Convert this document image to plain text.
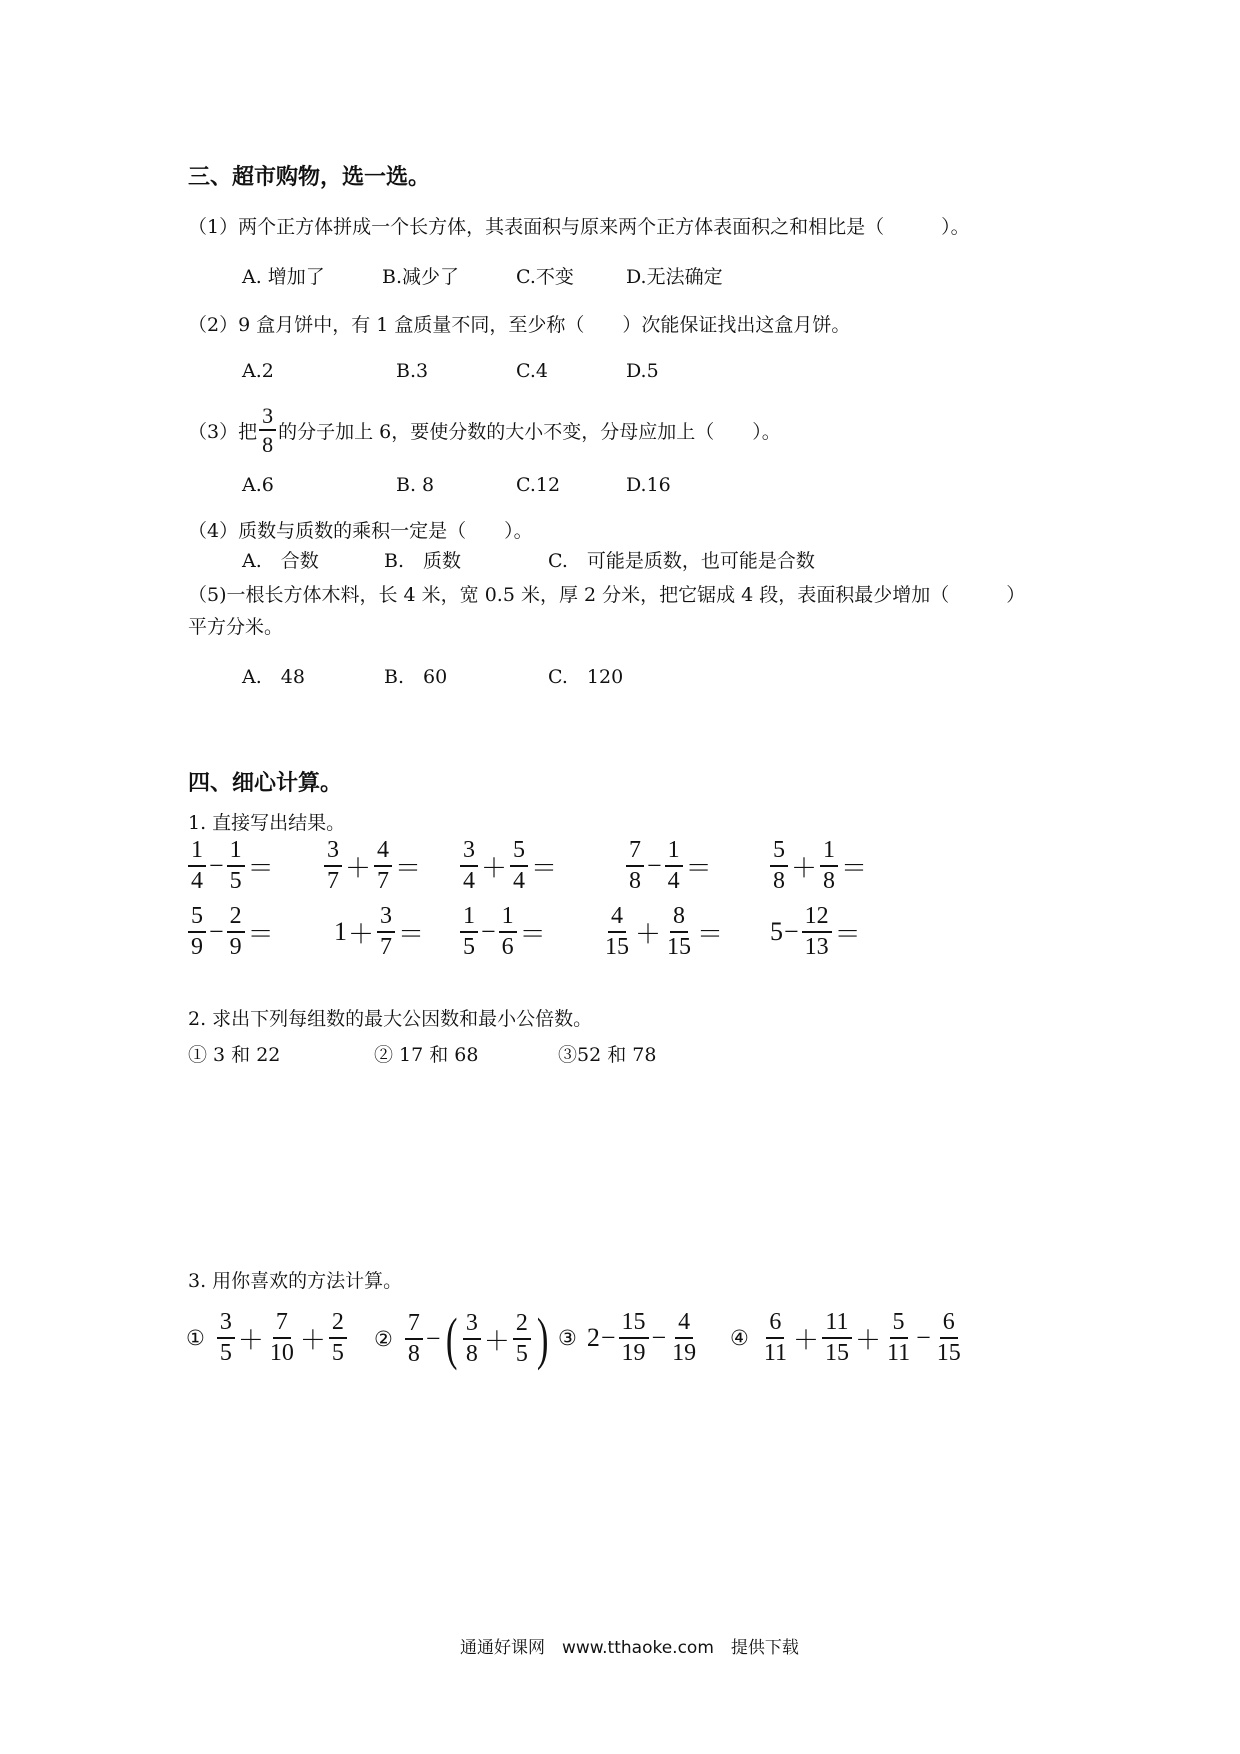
三、超市购物，选一选。
（1）两个正方体拼成一个长方体，其表面积与原来两个正方体表面积之和相比是（　　　）。
A. 增加了	B.减少了	C.不变	D.无法确定
（2）9 盒月饼中，有 1 盒质量不同，至少称（　　）次能保证找出这盒月饼。
A.2	B.3	C.4	D.5
（3）把 $\frac{3}{8}$ 的分子加上 6，要使分数的大小不变，分母应加上（　　）。
A.6	B. 8	C.12	D.16
（4）质数与质数的乘积一定是（　　）。
A.　合数	B.　质数	C.　可能是质数，也可能是合数
（5)一根长方体木料，长 4 米，宽 0.5 米，厚 2 分米，把它锯成 4 段，表面积最少增加（　　　）
平方分米。
A.　48	B.　60	C.　120
四、细心计算。
1. 直接写出结果。
$\frac{1}{4} - \frac{1}{5} = \frac{3}{7} + \frac{4}{7} = \frac{3}{4} + \frac{5}{4}$ ＝	$\frac{7}{8} - \frac{1}{4} = \frac{5}{8} + \frac{1}{8}$ ＝
$\frac{5}{9} - \frac{2}{9} = 1 + \frac{3}{7} = \frac{1}{5} - \frac{1}{6} = \frac{4}{15} + \frac{8}{15} = 5 - \frac{12}{13}$ ＝
2. 求出下列每组数的最大公因数和最小公倍数。
① 3 和 22	② 17 和 68	③52 和 78
3. 用你喜欢的方法计算。
① $\frac{3}{5} + \frac{7}{10} + \frac{2}{5}$ ② $\frac{7}{8}$ − ( $\frac{3}{8} + \frac{2}{5}$ ) ③ $2 - \frac{15}{19} - \frac{4}{19}$ ④ $\frac{6}{11} + \frac{11}{15} + \frac{5}{11} - \frac{6}{15}$
通通好课网　www.tthaoke.com　提供下载
